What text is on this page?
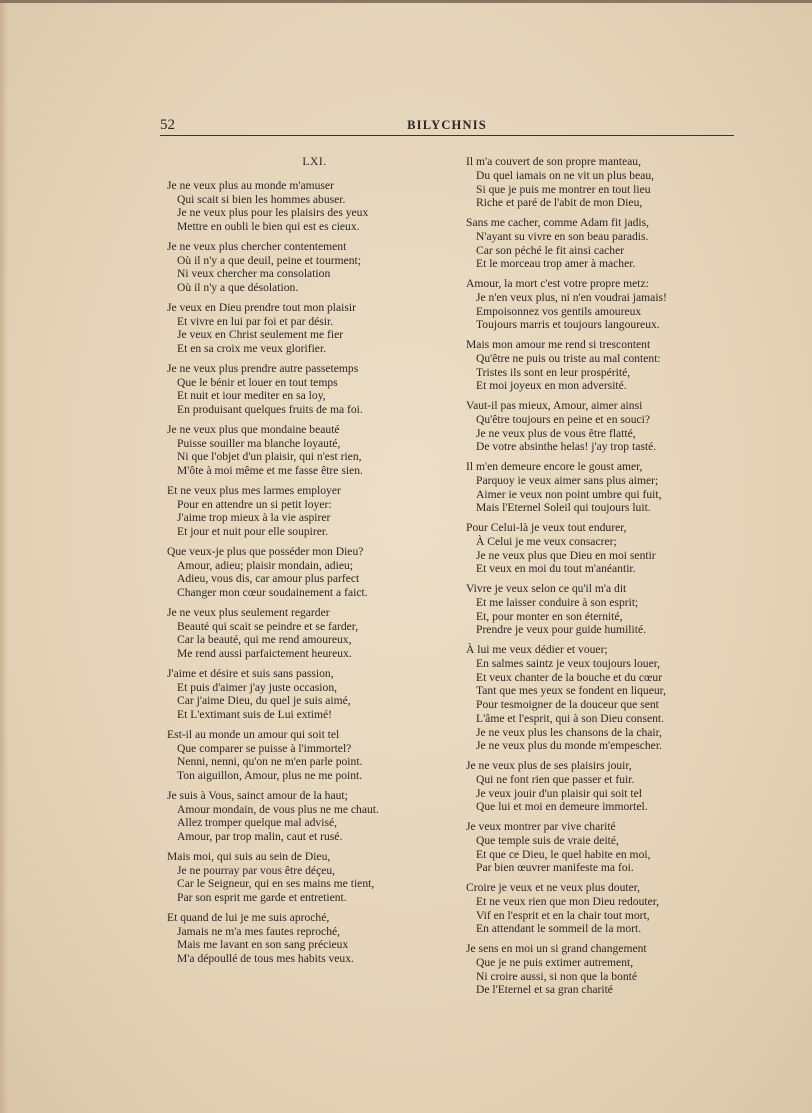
52	BILYCHNIS
LXI.
Je ne veux plus au monde m'amuser
Qui scait si bien les hommes abuser.
Je ne veux plus pour les plaisirs des yeux
Mettre en oubli le bien qui est es cieux.
Je ne veux plus chercher contentement
Où il n'y a que deuil, peine et tourment;
Ni veux chercher ma consolation
Où il n'y a que désolation.
Je veux en Dieu prendre tout mon plaisir
Et vivre en lui par foi et par désir.
Je veux en Christ seulement me fier
Et en sa croix me veux glorifier.
Je ne veux plus prendre autre passetemps
Que le bénir et louer en tout temps
Et nuit et iour mediter en sa loy,
En produisant quelques fruits de ma foi.
Je ne veux plus que mondaine beauté
Puisse souiller ma blanche loyauté,
Ni que l'objet d'un plaisir, qui n'est rien,
M'ôte à moi même et me fasse être sien.
Et ne veux plus mes larmes employer
Pour en attendre un si petit loyer:
J'aime trop mieux à la vie aspirer
Et jour et nuit pour elle soupirer.
Que veux-je plus que posséder mon Dieu?
Amour, adieu; plaisir mondain, adieu;
Adieu, vous dis, car amour plus parfect
Changer mon cœur soudainement a faict.
Je ne veux plus seulement regarder
Beauté qui scait se peindre et se farder,
Car la beauté, qui me rend amoureux,
Me rend aussi parfaictement heureux.
J'aime et désire et suis sans passion,
Et puis d'aimer j'ay juste occasion,
Car j'aime Dieu, du quel je suis aimé,
Et L'extimant suis de Lui extimé!
Est-il au monde un amour qui soit tel
Que comparer se puisse à l'immortel?
Nenni, nenni, qu'on ne m'en parle point.
Ton aiguillon, Amour, plus ne me point.
Je suis à Vous, sainct amour de la haut;
Amour mondain, de vous plus ne me chaut.
Allez tromper quelque mal advisé,
Amour, par trop malin, caut et rusé.
Mais moi, qui suis au sein de Dieu,
Je ne pourray par vous être déçeu,
Car le Seigneur, qui en ses mains me tient,
Par son esprit me garde et entretient.
Et quand de lui je me suis aproché,
Jamais ne m'a mes fautes reproché,
Mais me lavant en son sang précieux
M'a dépoullé de tous mes habits veux.
Il m'a couvert de son propre manteau,
Du quel iamais on ne vit un plus beau,
Si que je puis me montrer en tout lieu
Riche et paré de l'abit de mon Dieu,
Sans me cacher, comme Adam fit jadis,
N'ayant su vivre en son beau paradis.
Car son péché le fit ainsi cacher
Et le morceau trop amer à macher.
Amour, la mort c'est votre propre metz:
Je n'en veux plus, ni n'en voudrai jamais!
Empoisonnez vos gentils amoureux
Toujours marris et toujours langoureux.
Mais mon amour me rend si trescontent
Qu'être ne puis ou triste au mal content:
Tristes ils sont en leur prospérité,
Et moi joyeux en mon adversité.
Vaut-il pas mieux, Amour, aimer ainsi
Qu'être toujours en peine et en souci?
Je ne veux plus de vous être flatté,
De votre absinthe helas! j'ay trop tasté.
Il m'en demeure encore le goust amer,
Parquoy ie veux aimer sans plus aimer;
Aimer ie veux non point umbre qui fuit,
Mais l'Eternel Soleil qui toujours luit.
Pour Celui-là je veux tout endurer,
À Celui je me veux consacrer;
Je ne veux plus que Dieu en moi sentir
Et veux en moi du tout m'anéantir.
Vivre je veux selon ce qu'il m'a dit
Et me laisser conduire à son esprit;
Et, pour monter en son éternité,
Prendre je veux pour guide humilité.
À lui me veux dédier et vouer;
En salmes saintz je veux toujours louer,
Et veux chanter de la bouche et du cœur
Tant que mes yeux se fondent en liqueur,
Pour tesmoigner de la douceur que sent
L'âme et l'esprit, qui à son Dieu consent.
Je ne veux plus les chansons de la chair,
Je ne veux plus du monde m'empescher.
Je ne veux plus de ses plaisirs jouir,
Qui ne font rien que passer et fuir.
Je veux jouir d'un plaisir qui soit tel
Que lui et moi en demeure immortel.
Je veux montrer par vive charité
Que temple suis de vraie deité,
Et que ce Dieu, le quel habite en moi,
Par bien œuvrer manifeste ma foi.
Croire je veux et ne veux plus douter,
Et ne veux rien que mon Dieu redouter,
Vif en l'esprit et en la chair tout mort,
En attendant le sommeil de la mort.
Je sens en moi un si grand changement
Que je ne puis extimer autrement,
Ni croire aussi, si non que la bonté
De l'Eternel et sa gran charité
